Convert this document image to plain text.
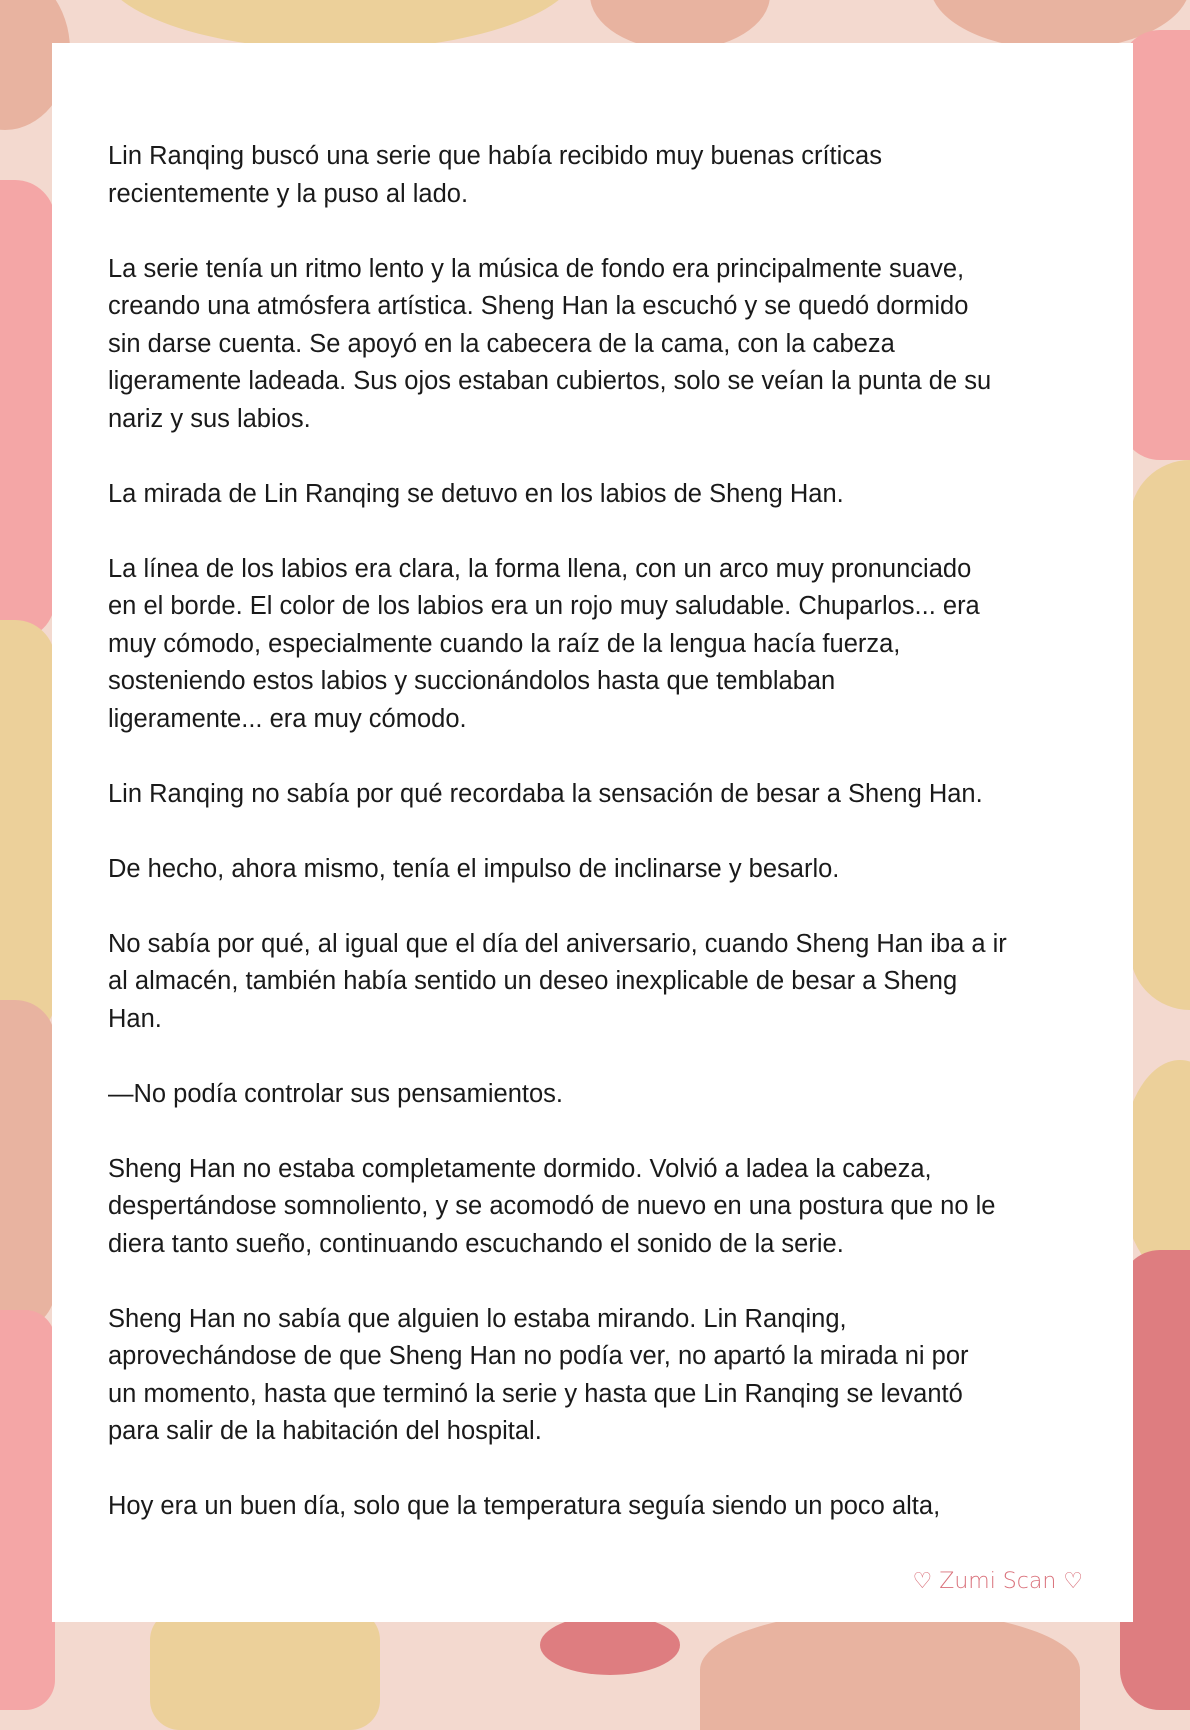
Lin Ranqing buscó una serie que había recibido muy buenas críticas
recientemente y la puso al lado.

La serie tenía un ritmo lento y la música de fondo era principalmente suave,
creando una atmósfera artística. Sheng Han la escuchó y se quedó dormido
sin darse cuenta. Se apoyó en la cabecera de la cama, con la cabeza
ligeramente ladeada. Sus ojos estaban cubiertos, solo se veían la punta de su
nariz y sus labios.

La mirada de Lin Ranqing se detuvo en los labios de Sheng Han.

La línea de los labios era clara, la forma llena, con un arco muy pronunciado
en el borde. El color de los labios era un rojo muy saludable. Chuparlos... era
muy cómodo, especialmente cuando la raíz de la lengua hacía fuerza,
sosteniendo estos labios y succionándolos hasta que temblaban
ligeramente... era muy cómodo.

Lin Ranqing no sabía por qué recordaba la sensación de besar a Sheng Han.

De hecho, ahora mismo, tenía el impulso de inclinarse y besarlo.

No sabía por qué, al igual que el día del aniversario, cuando Sheng Han iba a ir
al almacén, también había sentido un deseo inexplicable de besar a Sheng
Han.

—No podía controlar sus pensamientos.

Sheng Han no estaba completamente dormido. Volvió a ladea la cabeza,
despertándose somnoliento, y se acomodó de nuevo en una postura que no le
diera tanto sueño, continuando escuchando el sonido de la serie.

Sheng Han no sabía que alguien lo estaba mirando. Lin Ranqing,
aprovechándose de que Sheng Han no podía ver, no apartó la mirada ni por
un momento, hasta que terminó la serie y hasta que Lin Ranqing se levantó
para salir de la habitación del hospital.

Hoy era un buen día, solo que la temperatura seguía siendo un poco alta,

♡ Zumi Scan ♡
